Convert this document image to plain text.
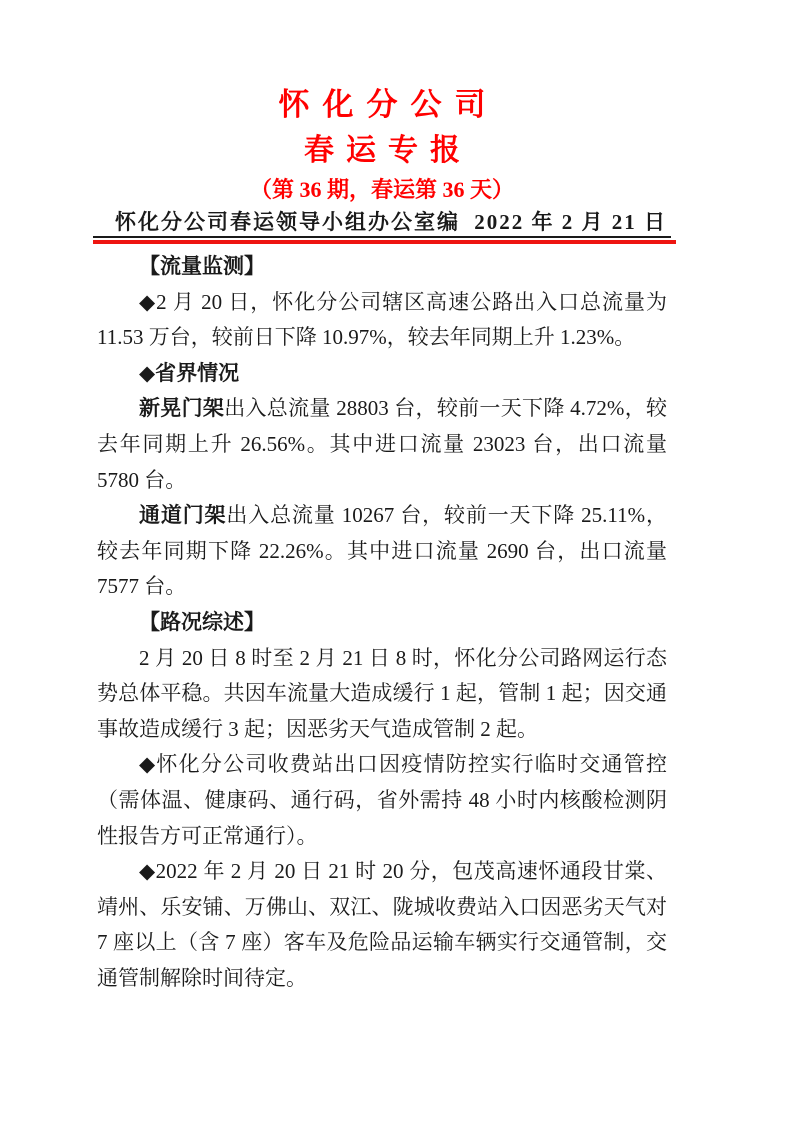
怀化分公司
春运专报
（第 36 期，春运第 36 天）
怀化分公司春运领导小组办公室编 2022 年 2 月 21 日

【流量监测】

◆2 月 20 日，怀化分公司辖区高速公路出入口总流量为 11.53 万台，较前日下降 10.97%，较去年同期上升 1.23%。

◆省界情况

新晃门架出入总流量 28803 台，较前一天下降 4.72%，较去年同期上升 26.56%。其中进口流量 23023 台，出口流量 5780 台。

通道门架出入总流量 10267 台，较前一天下降 25.11%，较去年同期下降 22.26%。其中进口流量 2690 台，出口流量 7577 台。

【路况综述】

2 月 20 日 8 时至 2 月 21 日 8 时，怀化分公司路网运行态势总体平稳。共因车流量大造成缓行 1 起，管制 1 起；因交通事故造成缓行 3 起；因恶劣天气造成管制 2 起。

◆怀化分公司收费站出口因疫情防控实行临时交通管控（需体温、健康码、通行码，省外需持 48 小时内核酸检测阴性报告方可正常通行）。

◆2022 年 2 月 20 日 21 时 20 分，包茂高速怀通段甘棠、靖州、乐安铺、万佛山、双江、陇城收费站入口因恶劣天气对 7 座以上（含 7 座）客车及危险品运输车辆实行交通管制，交通管制解除时间待定。
